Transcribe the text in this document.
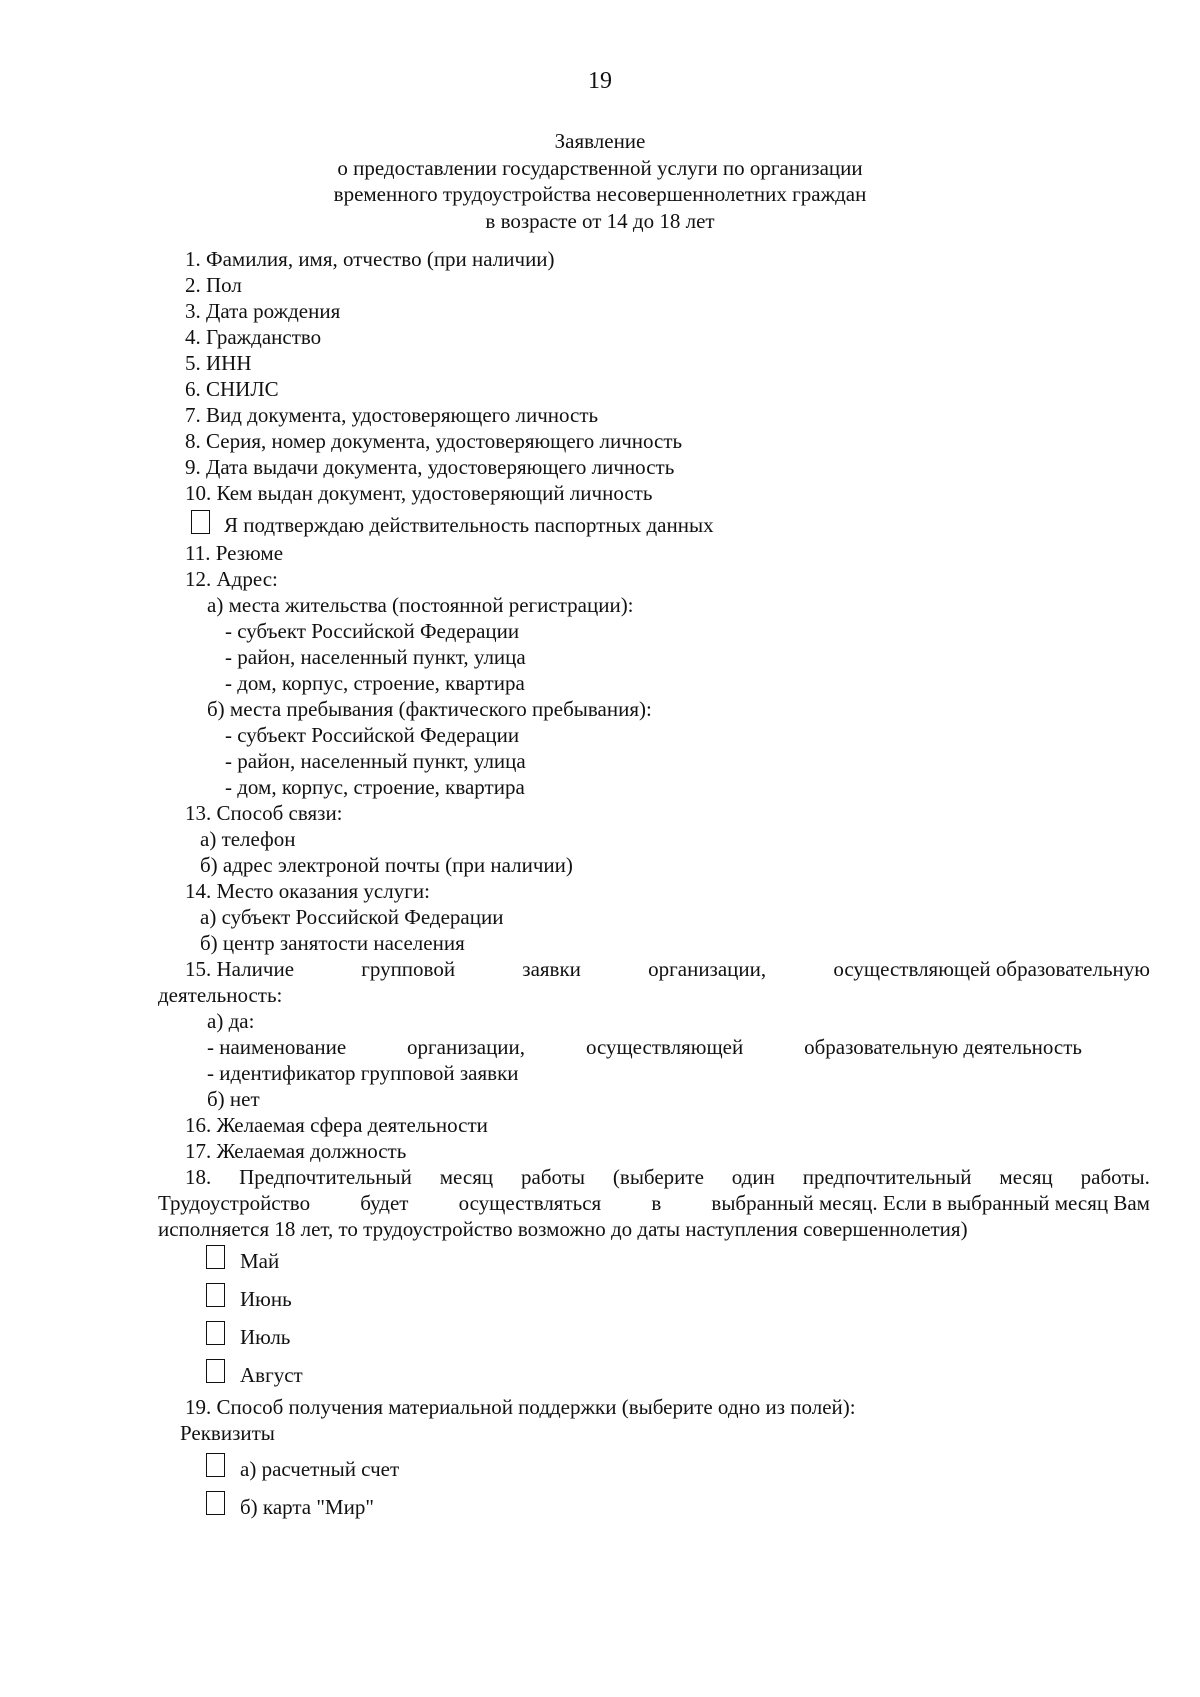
19
Заявление
о предоставлении государственной услуги по организации
временного трудоустройства несовершеннолетних граждан
в возрасте от 14 до 18 лет
1. Фамилия, имя, отчество (при наличии)
2. Пол
3. Дата рождения
4. Гражданство
5. ИНН
6. СНИЛС
7. Вид документа, удостоверяющего личность
8. Серия, номер документа, удостоверяющего личность
9. Дата выдачи документа, удостоверяющего личность
10. Кем выдан документ, удостоверяющий личность
Я подтверждаю действительность паспортных данных
11. Резюме
12. Адрес:
а) места жительства (постоянной регистрации):
- субъект Российской Федерации
- район, населенный пункт, улица
- дом, корпус, строение, квартира
б) места пребывания (фактического пребывания):
- субъект Российской Федерации
- район, населенный пункт, улица
- дом, корпус, строение, квартира
13. Способ связи:
а) телефон
б) адрес электроной почты (при наличии)
14. Место оказания услуги:
а) субъект Российской Федерации
б) центр занятости населения
15. Наличие	групповой	заявки	организации,	осуществляющей образовательную
деятельность:
а) да:
- наименование	организации,	осуществляющей	образовательную деятельность
- идентификатор групповой заявки
б) нет
16. Желаемая сфера деятельности
17. Желаемая должность
18. Предпочтительный месяц работы (выберите один предпочтительный месяц работы.
Трудоустройство будет осуществляться в выбранный месяц. Если в выбранный месяц Вам
исполняется 18 лет, то трудоустройство возможно до даты наступления совершеннолетия)
Май
Июнь
Июль
Август
19. Способ получения материальной поддержки (выберите одно из полей):
Реквизиты
а) расчетный счет
б) карта "Мир"
